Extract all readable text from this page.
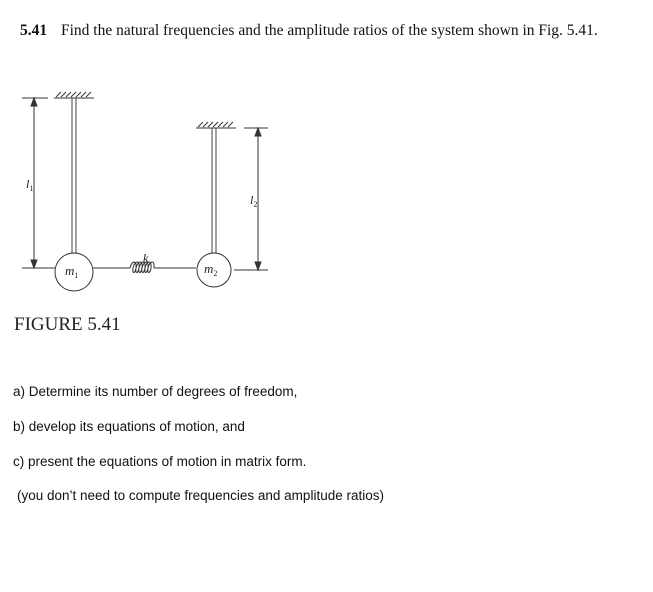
5.41 Find the natural frequencies and the amplitude ratios of the system shown in Fig. 5.41.
$l_1$
$m_1$
k
$l_2$
$m_2$
FIGURE 5.41
a) Determine its number of degrees of freedom,
b) develop its equations of motion, and
c) present the equations of motion in matrix form.
(you don’t need to compute frequencies and amplitude ratios)
